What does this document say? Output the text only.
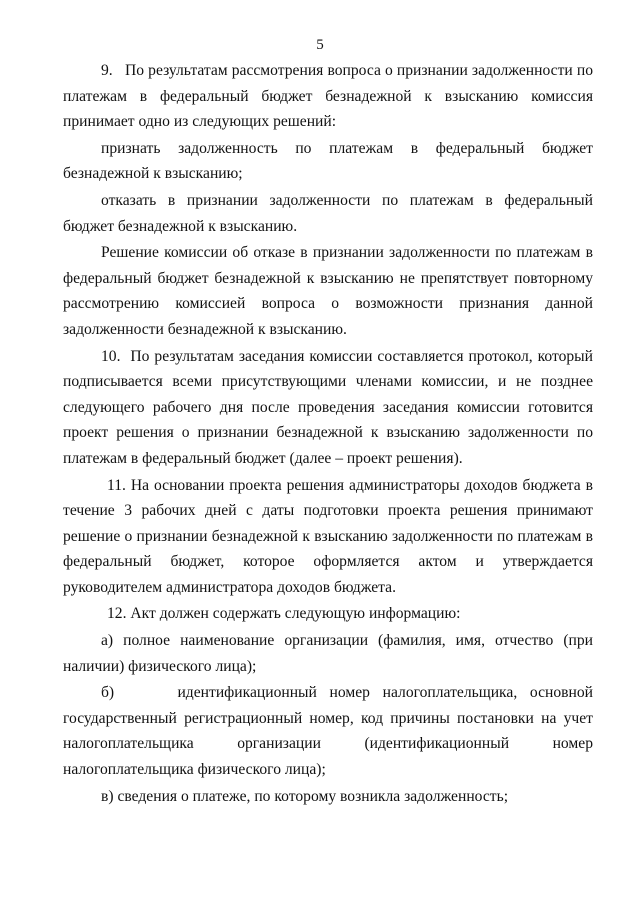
5

9.   По результатам рассмотрения вопроса о признании задолженности по платежам в федеральный бюджет безнадежной к взысканию комиссия принимает одно из следующих решений:

признать задолженность по платежам в федеральный бюджет безнадежной к взысканию;

отказать в признании задолженности по платежам в федеральный бюджет безнадежной к взысканию.

Решение комиссии об отказе в признании задолженности по платежам в федеральный бюджет безнадежной к взысканию не препятствует повторному рассмотрению комиссией вопроса о возможности признания данной задолженности безнадежной к взысканию.

10.  По результатам заседания комиссии составляется протокол, который подписывается всеми присутствующими членами комиссии, и не позднее следующего рабочего дня после проведения заседания комиссии готовится проект решения о признании безнадежной к взысканию задолженности по платежам в федеральный бюджет (далее – проект решения).

11. На основании проекта решения администраторы доходов бюджета в течение 3 рабочих дней с даты подготовки проекта решения принимают решение о признании безнадежной к взысканию задолженности по платежам в федеральный бюджет, которое оформляется актом и утверждается руководителем администратора доходов бюджета.

12. Акт должен содержать следующую информацию:

а) полное наименование организации (фамилия, имя, отчество (при наличии) физического лица);

б)     идентификационный номер налогоплательщика, основной государственный регистрационный номер, код причины постановки на учет налогоплательщика организации (идентификационный номер налогоплательщика физического лица);

в) сведения о платеже, по которому возникла задолженность;
